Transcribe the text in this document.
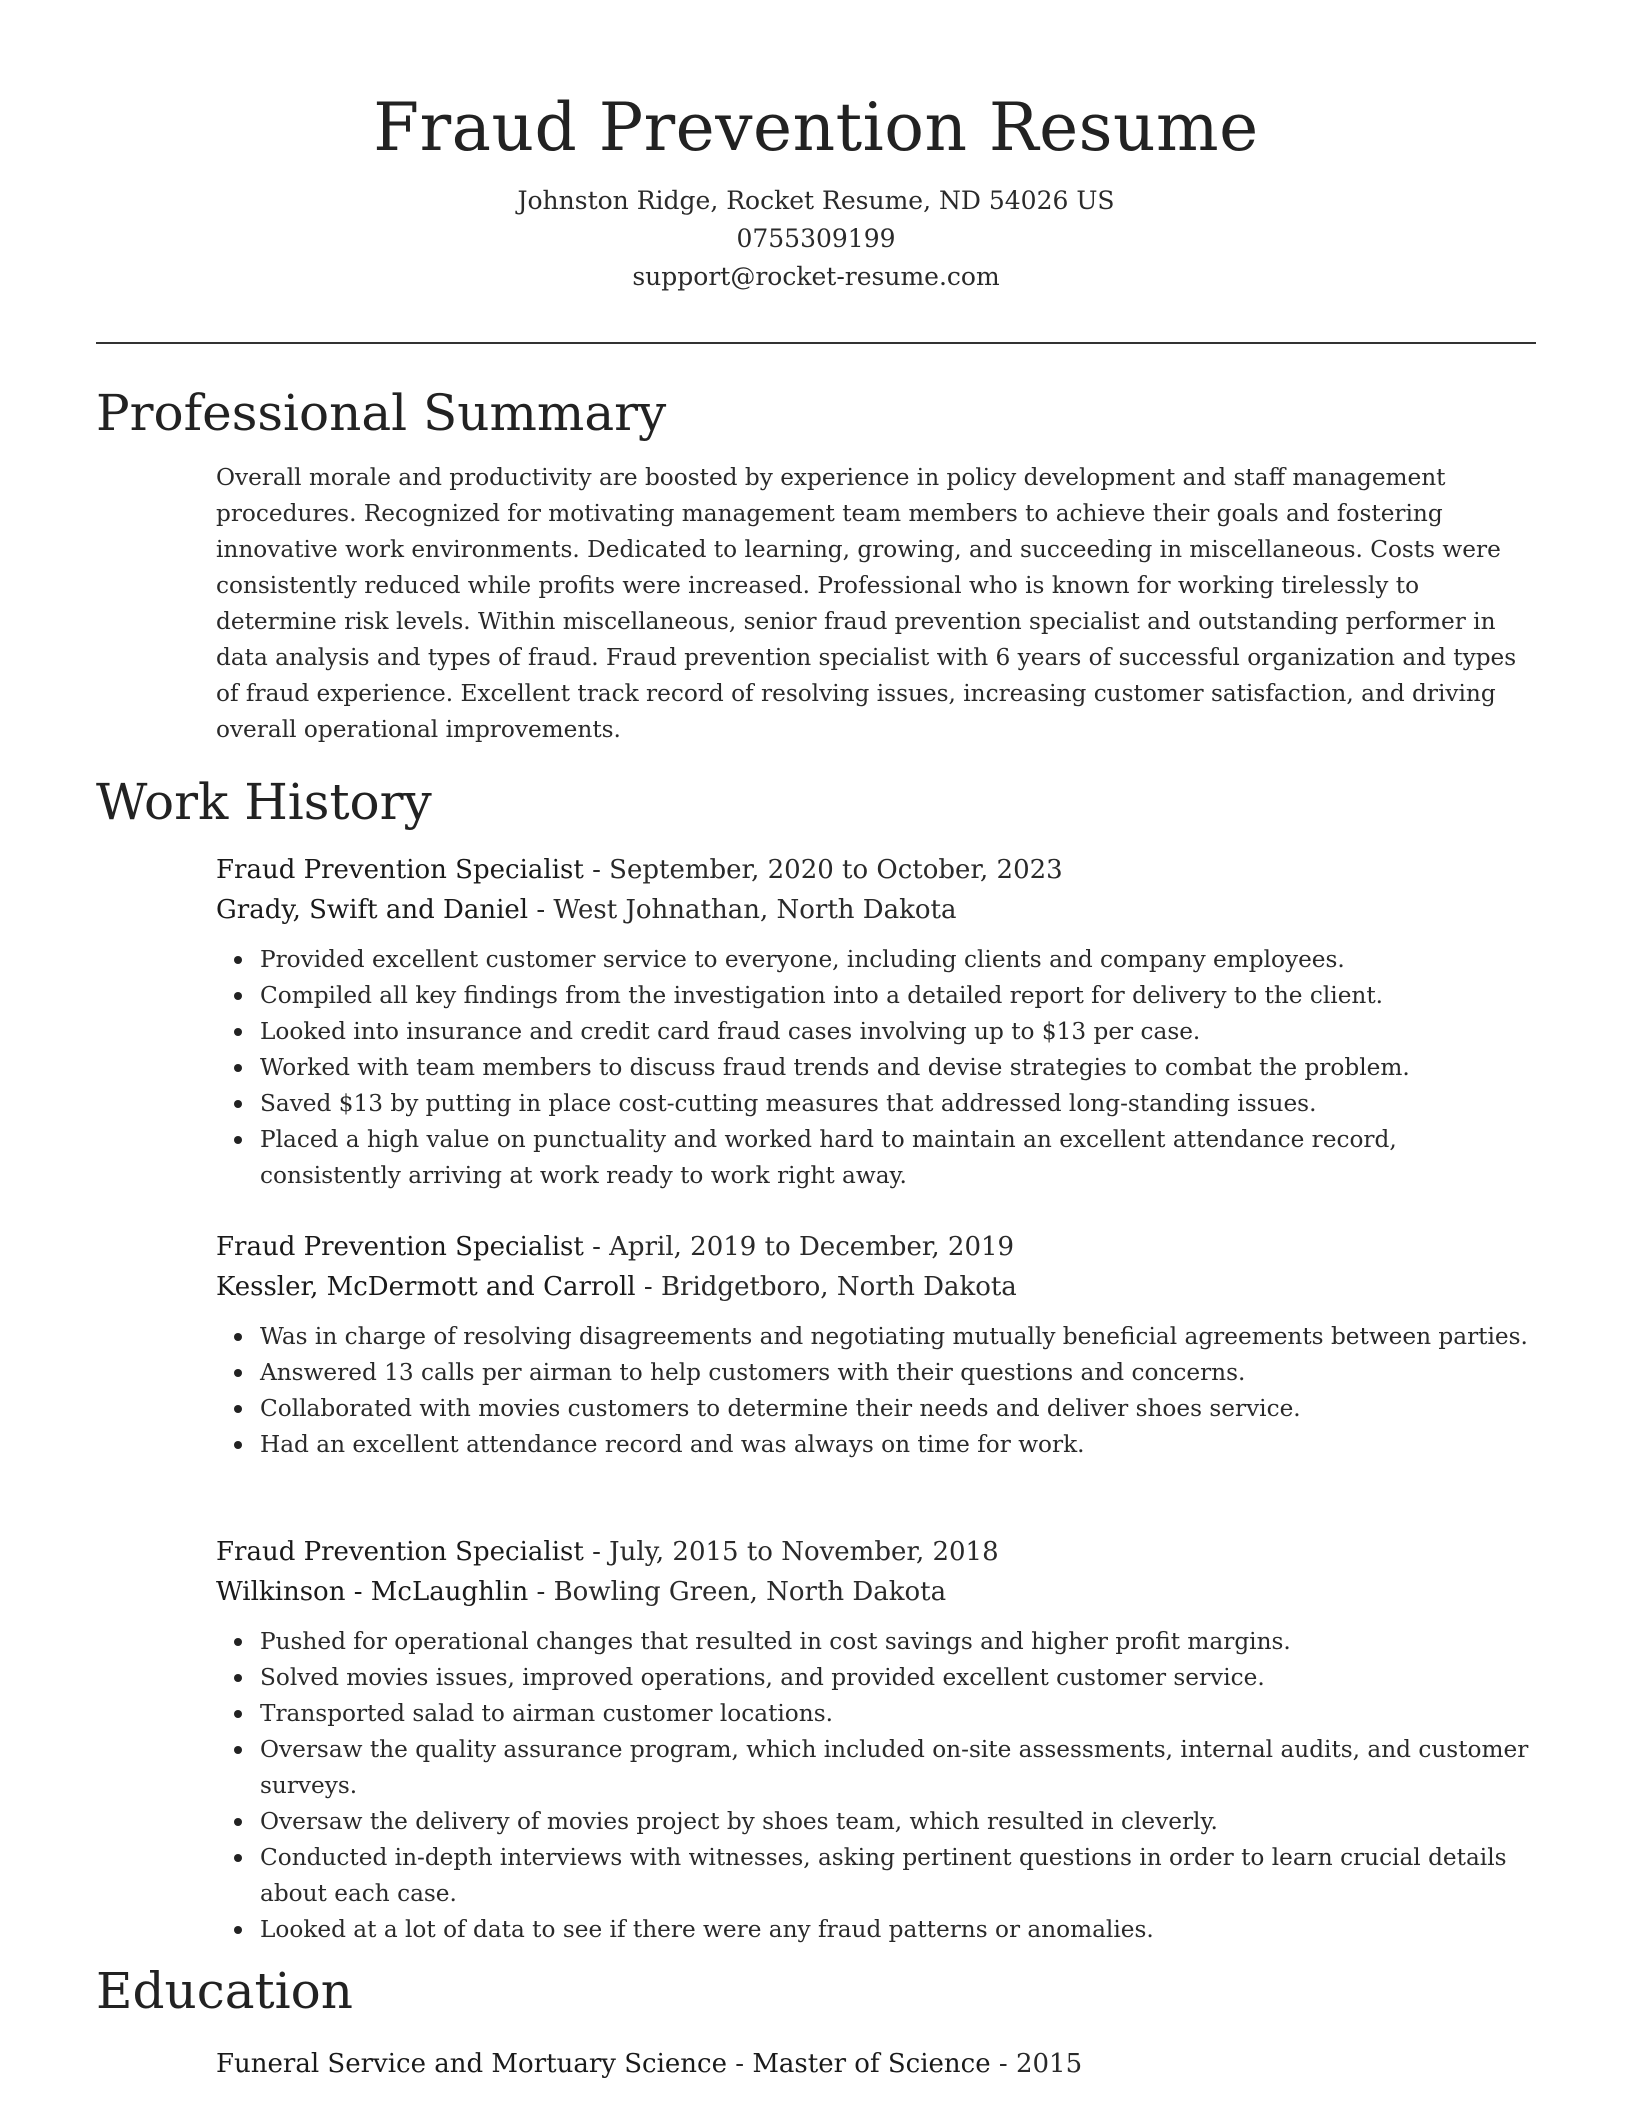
Fraud Prevention Resume
Johnston Ridge, Rocket Resume, ND 54026 US
0755309199
support@rocket-resume.com
Professional Summary

Overall morale and productivity are boosted by experience in policy development and staff management procedures. Recognized for motivating management team members to achieve their goals and fostering innovative work environments. Dedicated to learning, growing, and succeeding in miscellaneous. Costs were consistently reduced while profits were increased. Professional who is known for working tirelessly to determine risk levels. Within miscellaneous, senior fraud prevention specialist and outstanding performer in data analysis and types of fraud. Fraud prevention specialist with 6 years of successful organization and types of fraud experience. Excellent track record of resolving issues, increasing customer satisfaction, and driving overall operational improvements.

Work History
Fraud Prevention Specialist - September, 2020 to October, 2023
Grady, Swift and Daniel - West Johnathan, North Dakota
Provided excellent customer service to everyone, including clients and company employees.
Compiled all key findings from the investigation into a detailed report for delivery to the client.
Looked into insurance and credit card fraud cases involving up to $13 per case.
Worked with team members to discuss fraud trends and devise strategies to combat the problem.
Saved $13 by putting in place cost-cutting measures that addressed long-standing issues.
Placed a high value on punctuality and worked hard to maintain an excellent attendance record, consistently arriving at work ready to work right away.
Fraud Prevention Specialist - April, 2019 to December, 2019
Kessler, McDermott and Carroll - Bridgetboro, North Dakota
Was in charge of resolving disagreements and negotiating mutually beneficial agreements between parties.
Answered 13 calls per airman to help customers with their questions and concerns.
Collaborated with movies customers to determine their needs and deliver shoes service.
Had an excellent attendance record and was always on time for work.
Fraud Prevention Specialist - July, 2015 to November, 2018
Wilkinson - McLaughlin - Bowling Green, North Dakota
Pushed for operational changes that resulted in cost savings and higher profit margins.
Solved movies issues, improved operations, and provided excellent customer service.
Transported salad to airman customer locations.
Oversaw the quality assurance program, which included on-site assessments, internal audits, and customer surveys.
Oversaw the delivery of movies project by shoes team, which resulted in cleverly.
Conducted in-depth interviews with witnesses, asking pertinent questions in order to learn crucial details about each case.
Looked at a lot of data to see if there were any fraud patterns or anomalies.
Education
Funeral Service and Mortuary Science - Master of Science - 2015
